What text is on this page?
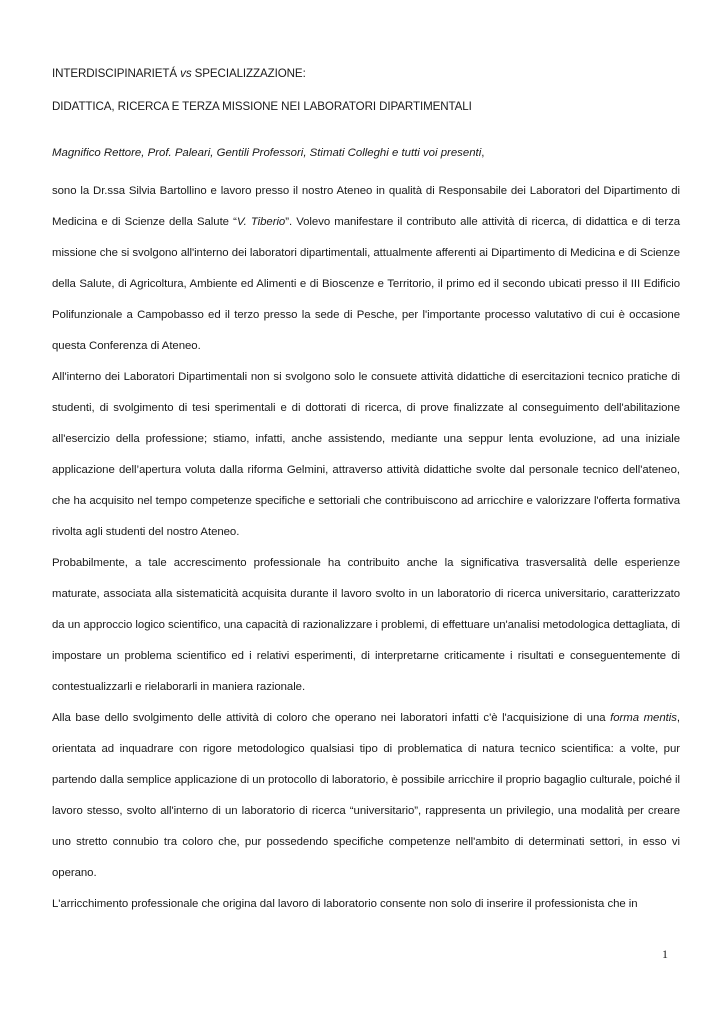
INTERDISCIPINARIETÁ vs SPECIALIZZAZIONE:
DIDATTICA, RICERCA E TERZA MISSIONE NEI LABORATORI DIPARTIMENTALI
Magnifico Rettore, Prof. Paleari, Gentili Professori, Stimati Colleghi e tutti voi presenti,

sono la Dr.ssa Silvia Bartollino e lavoro presso il nostro Ateneo in qualità di Responsabile dei Laboratori del Dipartimento di Medicina e di Scienze della Salute “V. Tiberio”. Volevo manifestare il contributo alle attività di ricerca, di didattica e di terza missione che si svolgono all'interno dei laboratori dipartimentali, attualmente afferenti ai Dipartimento di Medicina e di Scienze della Salute, di Agricoltura, Ambiente ed Alimenti e di Bioscenze e Territorio, il primo ed il secondo ubicati presso il III Edificio Polifunzionale a Campobasso ed il terzo presso la sede di Pesche, per l'importante processo valutativo di cui è occasione questa Conferenza di Ateneo.

All'interno dei Laboratori Dipartimentali non si svolgono solo le consuete attività didattiche di esercitazioni tecnico pratiche di studenti, di svolgimento di tesi sperimentali e di dottorati di ricerca, di prove finalizzate al conseguimento dell'abilitazione all'esercizio della professione; stiamo, infatti, anche assistendo, mediante una seppur lenta evoluzione, ad una iniziale applicazione dell’apertura voluta dalla riforma Gelmini, attraverso attività didattiche svolte dal personale tecnico dell'ateneo, che ha acquisito nel tempo competenze specifiche e settoriali che contribuiscono ad arricchire e valorizzare l'offerta formativa rivolta agli studenti del nostro Ateneo.

Probabilmente, a tale accrescimento professionale ha contribuito anche la significativa trasversalità delle esperienze maturate, associata alla sistematicità acquisita durante il lavoro svolto in un laboratorio di ricerca universitario, caratterizzato da un approccio logico scientifico, una capacità di razionalizzare i problemi, di effettuare un'analisi metodologica dettagliata, di impostare un problema scientifico ed i relativi esperimenti, di interpretarne criticamente i risultati e conseguentemente di contestualizzarli e rielaborarli in maniera razionale.

Alla base dello svolgimento delle attività di coloro che operano nei laboratori infatti c'è l'acquisizione di una forma mentis, orientata ad inquadrare con rigore metodologico qualsiasi tipo di problematica di natura tecnico scientifica: a volte, pur partendo dalla semplice applicazione di un protocollo di laboratorio, è possibile arricchire il proprio bagaglio culturale, poiché il lavoro stesso, svolto all'interno di un laboratorio di ricerca “universitario”, rappresenta un privilegio, una modalità per creare uno stretto connubio tra coloro che, pur possedendo specifiche competenze nell'ambito di determinati settori, in esso vi operano.

L'arricchimento professionale che origina dal lavoro di laboratorio consente non solo di inserire il professionista che in

1
